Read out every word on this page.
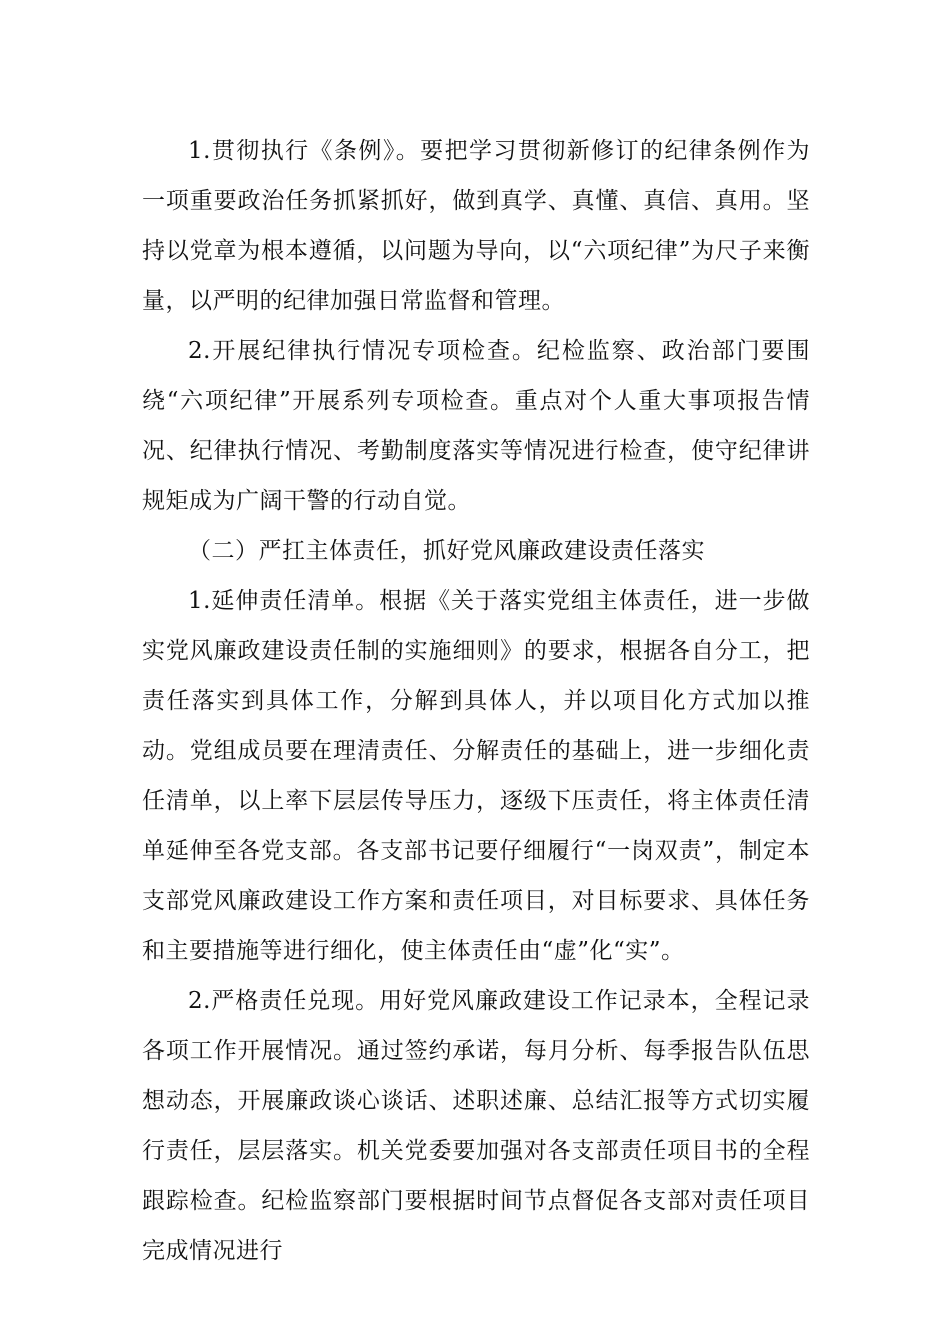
1.贯彻执行《条例》。要把学习贯彻新修订的纪律条例作为一项重要政治任务抓紧抓好，做到真学、真懂、真信、真用。坚持以党章为根本遵循，以问题为导向，以“六项纪律”为尺子来衡量，以严明的纪律加强日常监督和管理。

2.开展纪律执行情况专项检查。纪检监察、政治部门要围绕“六项纪律”开展系列专项检查。重点对个人重大事项报告情况、纪律执行情况、考勤制度落实等情况进行检查，使守纪律讲规矩成为广阔干警的行动自觉。

（二）严扛主体责任，抓好党风廉政建设责任落实

1.延伸责任清单。根据《关于落实党组主体责任，进一步做实党风廉政建设责任制的实施细则》的要求，根据各自分工，把责任落实到具体工作，分解到具体人，并以项目化方式加以推动。党组成员要在理清责任、分解责任的基础上，进一步细化责任清单，以上率下层层传导压力，逐级下压责任，将主体责任清单延伸至各党支部。各支部书记要仔细履行“一岗双责”，制定本支部党风廉政建设工作方案和责任项目，对目标要求、具体任务和主要措施等进行细化，使主体责任由“虚”化“实”。

2.严格责任兑现。用好党风廉政建设工作记录本，全程记录各项工作开展情况。通过签约承诺，每月分析、每季报告队伍思想动态，开展廉政谈心谈话、述职述廉、总结汇报等方式切实履行责任，层层落实。机关党委要加强对各支部责任项目书的全程跟踪检查。纪检监察部门要根据时间节点督促各支部对责任项目完成情况进行
